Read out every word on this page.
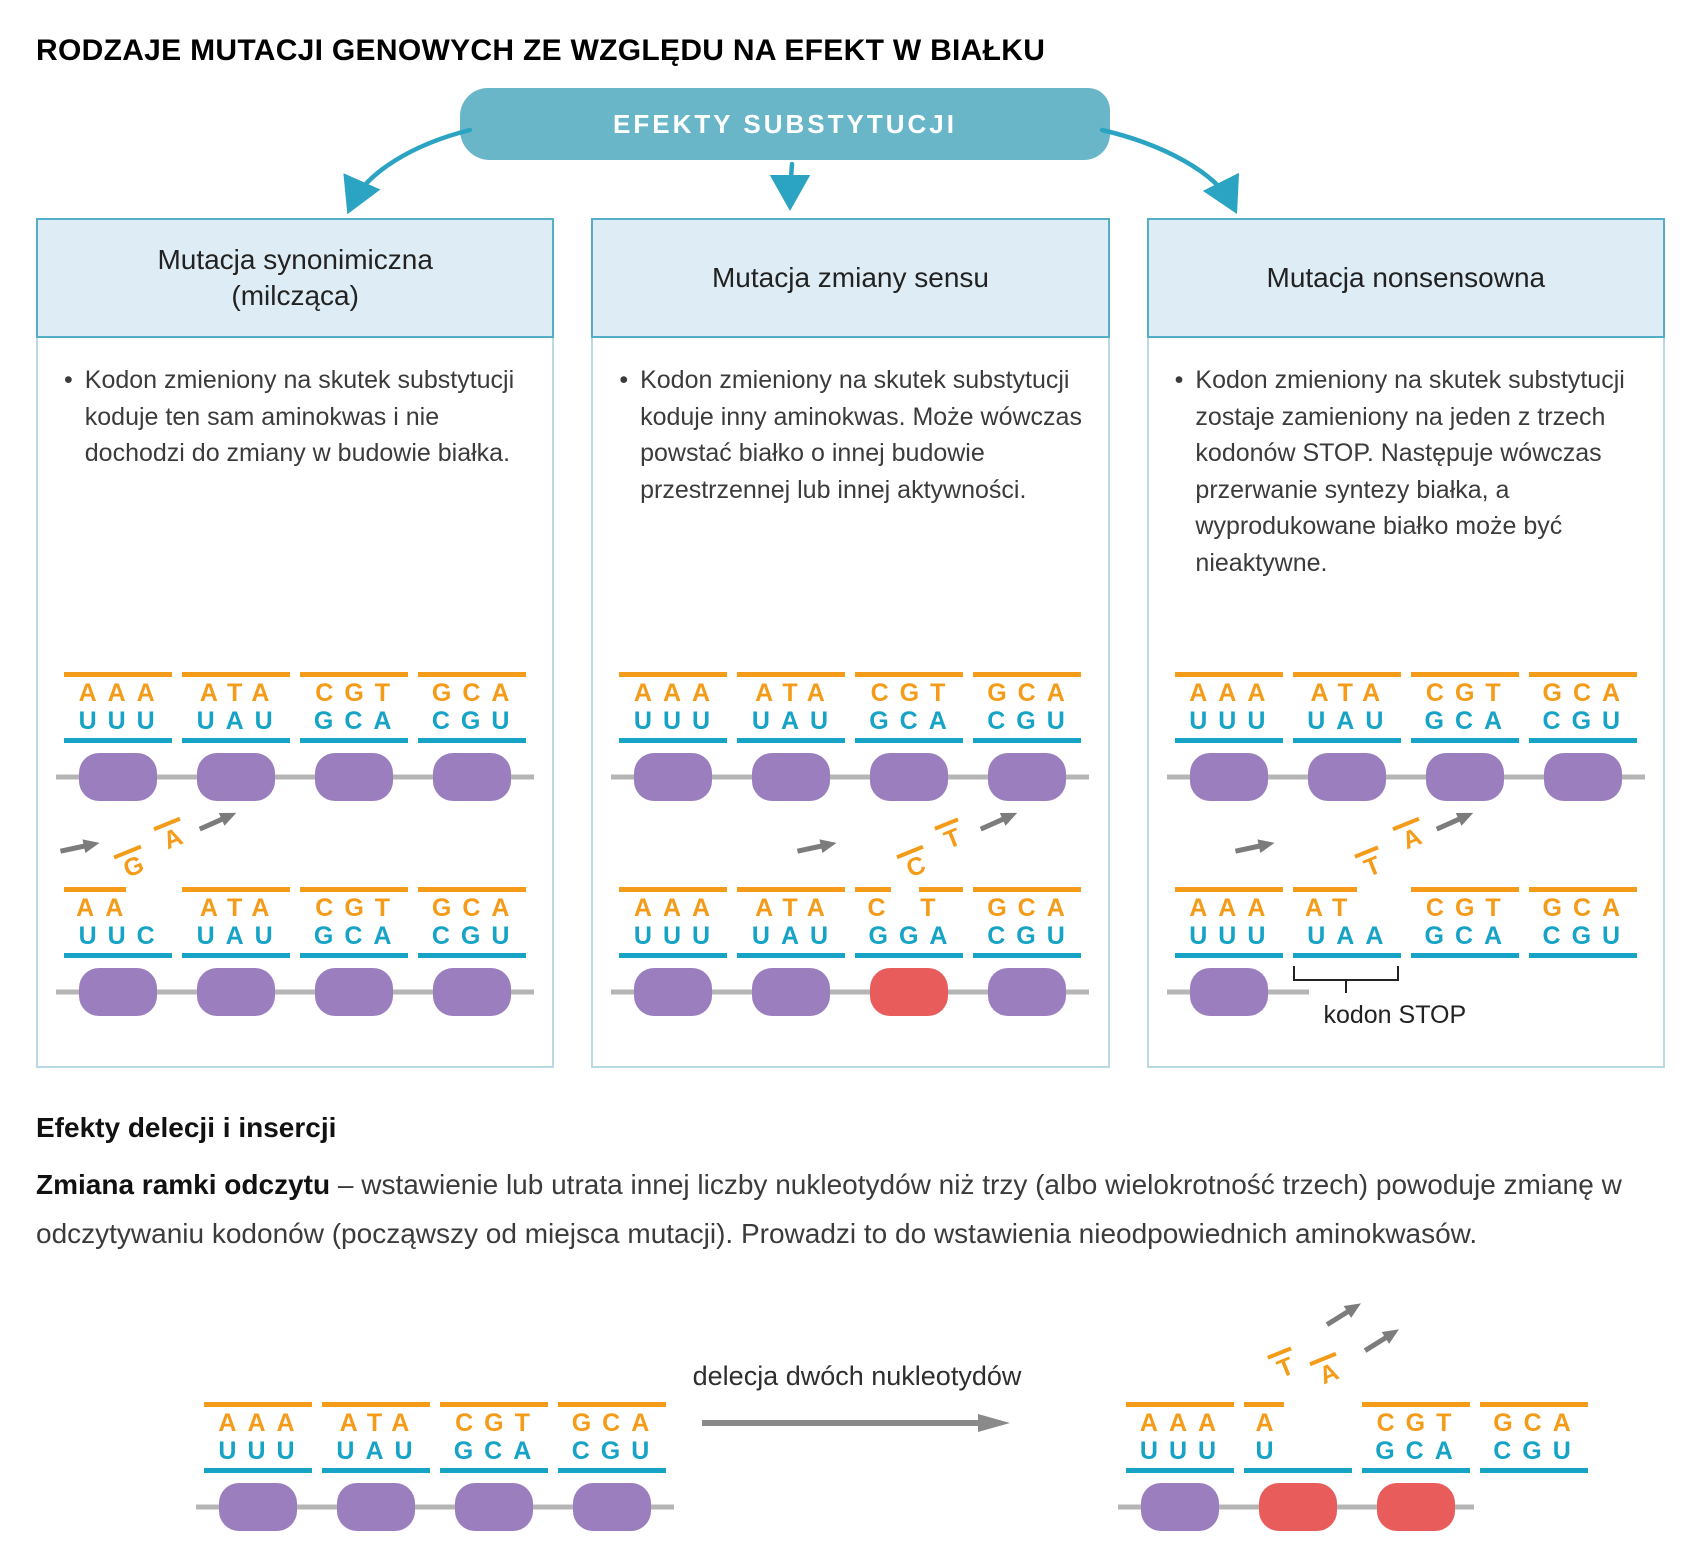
RODZAJE MUTACJI GENOWYCH ZE WZGLĘDU NA EFEKT W BIAŁKU
EFEKTY SUBSTYTUCJI
Mutacja synonimiczna
(milcząca)
• Kodon zmieniony na skutek substytucji koduje ten sam aminokwas i nie dochodzi do zmiany w budowie białka.
AAA
UUU
ATA
UAU
CGT
GCA
GCA
CGU
AA
UUC
ATA
UAU
CGT
GCA
GCA
CGU
G
A
Mutacja zmiany sensu
• Kodon zmieniony na skutek substytucji koduje inny aminokwas. Może wówczas powstać białko o innej budowie przestrzennej lub innej aktywności.
AAA
UUU
ATA
UAU
CGT
GCA
GCA
CGU
AAA
UUU
ATA
UAU
C T
GGA
GCA
CGU
C
T
Mutacja nonsensowna
• Kodon zmieniony na skutek substytucji zostaje zamieniony na jeden z trzech kodonów STOP. Następuje wówczas przerwanie syntezy białka, a wyprodukowane białko może być nieaktywne.
AAA
UUU
ATA
UAU
CGT
GCA
GCA
CGU
AAA
UUU
AT
UAA
CGT
GCA
GCA
CGU
T
A
kodon STOP
Efekty delecji i insercji

Zmiana ramki odczytu – wstawienie lub utrata innej liczby nukleotydów niż trzy (albo wielokrotność trzech) powoduje zmianę w odczytywaniu kodonów (począwszy od miejsca mutacji). Prowadzi to do wstawienia nieodpowiednich aminokwasów.

AAA
UUU
ATA
UAU
CGT
GCA
GCA
CGU
delecja dwóch nukleotydów
AAA
UUU
A
U
CGT
GCA
GCA
CGU
T A
